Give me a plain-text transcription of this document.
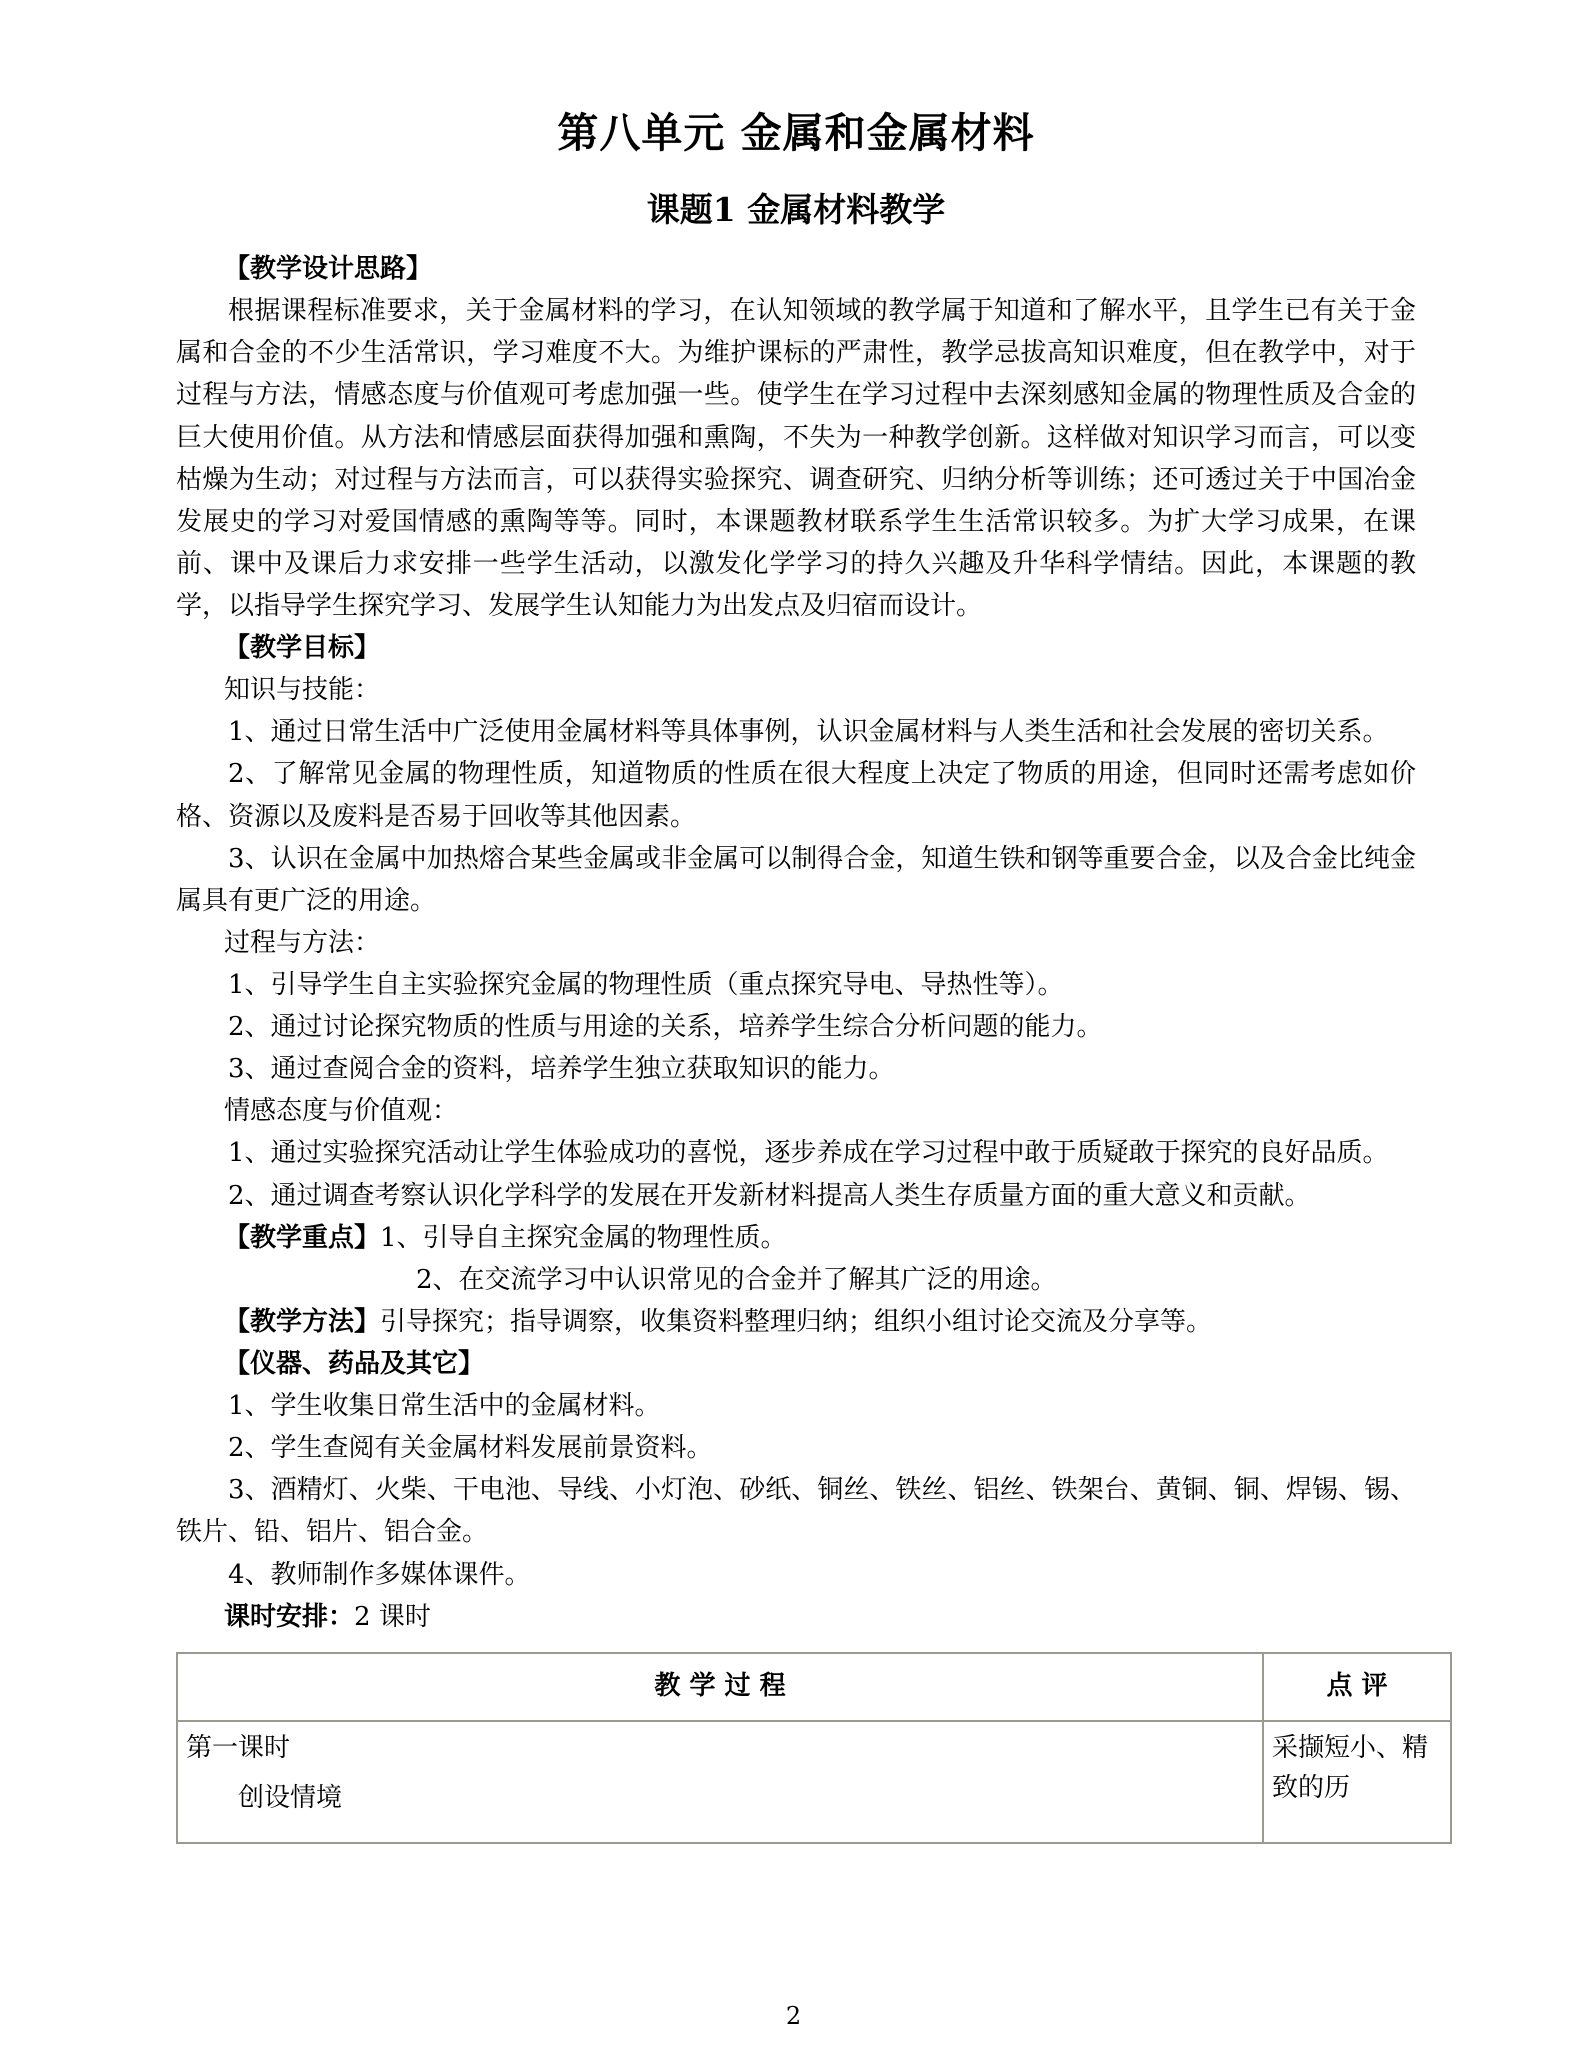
第八单元 金属和金属材料
课题1 金属材料教学

【教学设计思路】

根据课程标准要求，关于金属材料的学习，在认知领域的教学属于知道和了解水平，且学生已有关于金属和合金的不少生活常识，学习难度不大。为维护课标的严肃性，教学忌拔高知识难度，但在教学中，对于过程与方法，情感态度与价值观可考虑加强一些。使学生在学习过程中去深刻感知金属的物理性质及合金的巨大使用价值。从方法和情感层面获得加强和熏陶，不失为一种教学创新。这样做对知识学习而言，可以变枯燥为生动；对过程与方法而言，可以获得实验探究、调查研究、归纳分析等训练；还可透过关于中国冶金发展史的学习对爱国情感的熏陶等等。同时，本课题教材联系学生生活常识较多。为扩大学习成果，在课前、课中及课后力求安排一些学生活动，以激发化学学习的持久兴趣及升华科学情结。因此，本课题的教学，以指导学生探究学习、发展学生认知能力为出发点及归宿而设计。

【教学目标】

知识与技能：

1、通过日常生活中广泛使用金属材料等具体事例，认识金属材料与人类生活和社会发展的密切关系。

2、了解常见金属的物理性质，知道物质的性质在很大程度上决定了物质的用途，但同时还需考虑如价格、资源以及废料是否易于回收等其他因素。

3、认识在金属中加热熔合某些金属或非金属可以制得合金，知道生铁和钢等重要合金，以及合金比纯金属具有更广泛的用途。

过程与方法：

1、引导学生自主实验探究金属的物理性质（重点探究导电、导热性等）。

2、通过讨论探究物质的性质与用途的关系，培养学生综合分析问题的能力。

3、通过查阅合金的资料，培养学生独立获取知识的能力。

情感态度与价值观：

1、通过实验探究活动让学生体验成功的喜悦，逐步养成在学习过程中敢于质疑敢于探究的良好品质。

2、通过调查考察认识化学科学的发展在开发新材料提高人类生存质量方面的重大意义和贡献。

【教学重点】1、引导自主探究金属的物理性质。

2、在交流学习中认识常见的合金并了解其广泛的用途。

【教学方法】引导探究；指导调察，收集资料整理归纳；组织小组讨论交流及分享等。

【仪器、药品及其它】

1、学生收集日常生活中的金属材料。

2、学生查阅有关金属材料发展前景资料。

3、酒精灯、火柴、干电池、导线、小灯泡、砂纸、铜丝、铁丝、铝丝、铁架台、黄铜、铜、焊锡、锡、铁片、铅、铝片、铝合金。

4、教师制作多媒体课件。

课时安排：2 课时

教 学 过 程	点 评
第一课时
创设情境	采撷短小、精致的历
2
